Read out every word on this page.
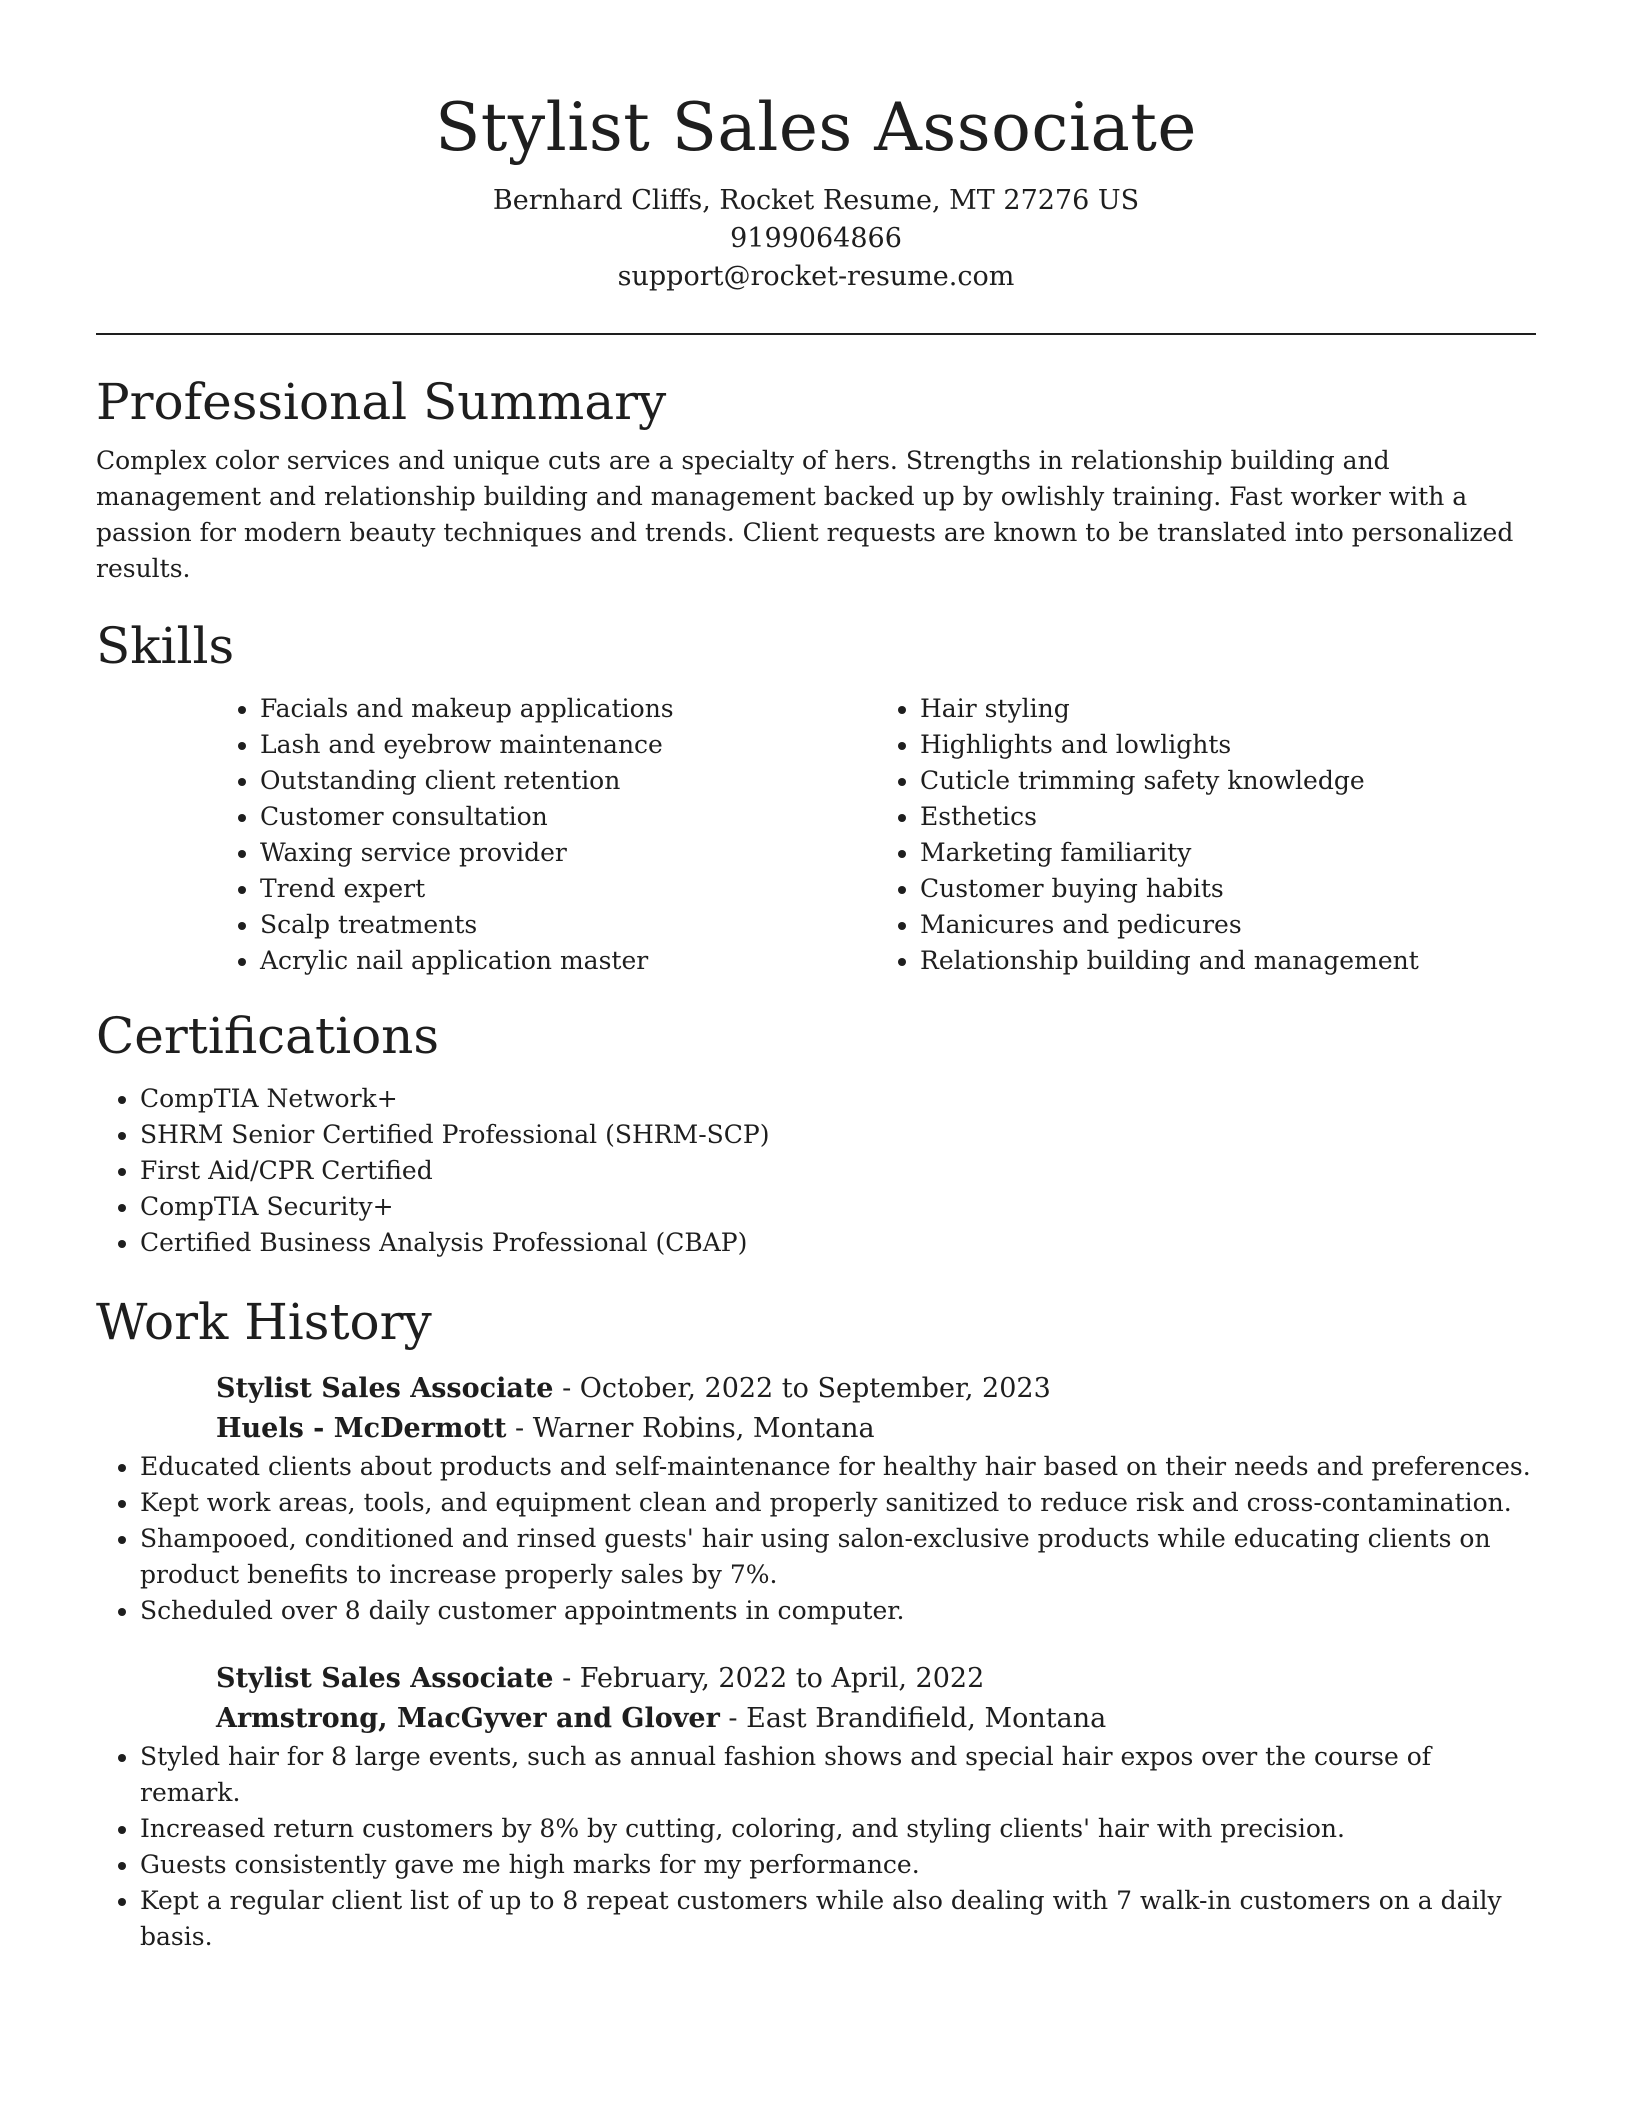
Stylist Sales Associate
Bernhard Cliffs, Rocket Resume, MT 27276 US
9199064866
support@rocket-resume.com
Professional Summary

Complex color services and unique cuts are a specialty of hers. Strengths in relationship building and management and relationship building and management backed up by owlishly training. Fast worker with a passion for modern beauty techniques and trends. Client requests are known to be translated into personalized results.

Skills
• Facials and makeup applications
• Lash and eyebrow maintenance
• Outstanding client retention
• Customer consultation
• Waxing service provider
• Trend expert
• Scalp treatments
• Acrylic nail application master
• Hair styling
• Highlights and lowlights
• Cuticle trimming safety knowledge
• Esthetics
• Marketing familiarity
• Customer buying habits
• Manicures and pedicures
• Relationship building and management
Certifications
• CompTIA Network+
• SHRM Senior Certified Professional (SHRM-SCP)
• First Aid/CPR Certified
• CompTIA Security+
• Certified Business Analysis Professional (CBAP)
Work History
Stylist Sales Associate - October, 2022 to September, 2023
Huels - McDermott - Warner Robins, Montana
• Educated clients about products and self-maintenance for healthy hair based on their needs and preferences.
• Kept work areas, tools, and equipment clean and properly sanitized to reduce risk and cross-contamination.
• Shampooed, conditioned and rinsed guests' hair using salon-exclusive products while educating clients on product benefits to increase properly sales by 7%.
• Scheduled over 8 daily customer appointments in computer.
Stylist Sales Associate - February, 2022 to April, 2022
Armstrong, MacGyver and Glover - East Brandifield, Montana
• Styled hair for 8 large events, such as annual fashion shows and special hair expos over the course of remark.
• Increased return customers by 8% by cutting, coloring, and styling clients' hair with precision.
• Guests consistently gave me high marks for my performance.
• Kept a regular client list of up to 8 repeat customers while also dealing with 7 walk-in customers on a daily basis.
